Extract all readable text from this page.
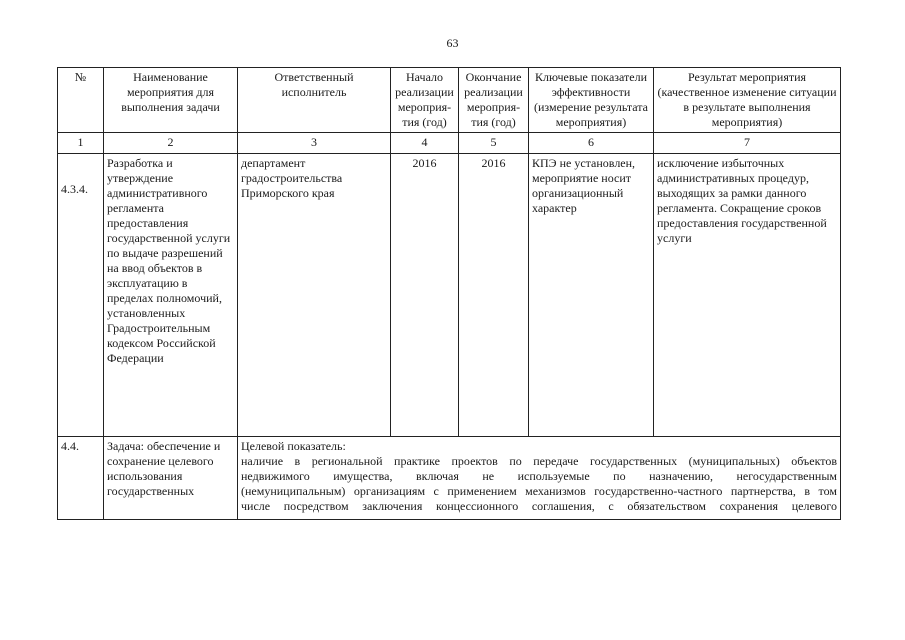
63
№	Наименование мероприятия для выполнения задачи	Ответственный исполнитель	Начало реализации мероприя-тия (год)	Окончание реализации мероприя-тия (год)	Ключевые показатели эффективности (измерение результата мероприятия)	Результат мероприятия (качественное изменение ситуации в результате выполнения мероприятия)
1	2	3	4	5	6	7
4.3.4.	Разработка и утверждение административного регламента предоставления государственной услуги по выдаче разрешений на ввод объектов в эксплуатацию в пределах полномочий, установленных Градостроительным кодексом Российской Федерации	департамент градостроительства Приморского края	2016	2016	КПЭ не установлен, мероприятие носит организационный характер	исключение избыточных административных процедур, выходящих за рамки данного регламента. Сокращение сроков предоставления государственной услуги
4.4.	Задача: обеспечение и сохранение целевого использования государственных	Целевой показатель:
наличие в региональной практике проектов по передаче государственных (муниципальных) объектов
недвижимого имущества, включая не используемые по назначению, негосударственным
(немуниципальным) организациям с применением механизмов государственно-частного партнерства, в том
числе посредством заключения концессионного соглашения, с обязательством сохранения целевого				
